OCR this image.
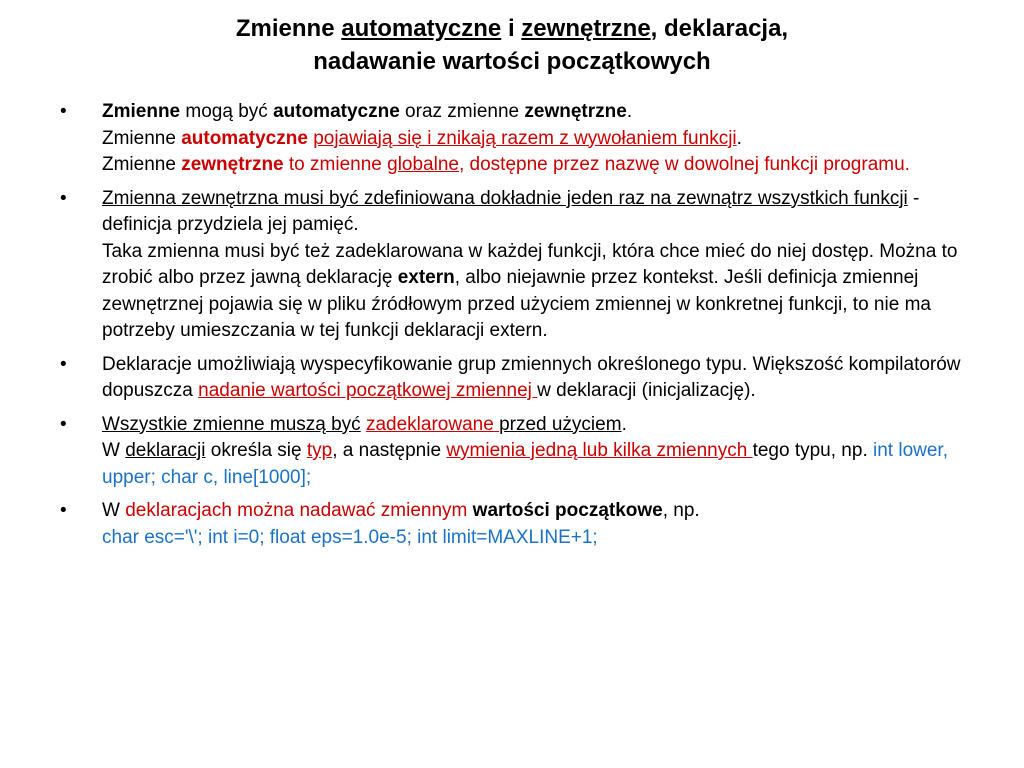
Zmienne automatyczne i zewnętrzne, deklaracja,
nadawanie wartości początkowych
• Zmienne mogą być automatyczne oraz zmienne zewnętrzne.
Zmienne automatyczne pojawiają się i znikają razem z wywołaniem funkcji.
Zmienne zewnętrzne to zmienne globalne, dostępne przez nazwę w dowolnej funkcji programu.
• Zmienna zewnętrzna musi być zdefiniowana dokładnie jeden raz na zewnątrz wszystkich funkcji - definicja przydziela jej pamięć.
Taka zmienna musi być też zadeklarowana w każdej funkcji, która chce mieć do niej dostęp. Można to zrobić albo przez jawną deklarację extern, albo niejawnie przez kontekst. Jeśli definicja zmiennej zewnętrznej pojawia się w pliku źródłowym przed użyciem zmiennej w konkretnej funkcji, to nie ma potrzeby umieszczania w tej funkcji deklaracji extern.
• Deklaracje umożliwiają wyspecyfikowanie grup zmiennych określonego typu. Większość kompilatorów dopuszcza nadanie wartości początkowej zmiennej w deklaracji (inicjalizację).
• Wszystkie zmienne muszą być zadeklarowane przed użyciem.
W deklaracji określa się typ, a następnie wymienia jedną lub kilka zmiennych tego typu, np. int lower, upper; char c, line[1000];
• W deklaracjach można nadawać zmiennym wartości początkowe, np.
char esc='\'; int i=0; float eps=1.0e-5; int limit=MAXLINE+1;
